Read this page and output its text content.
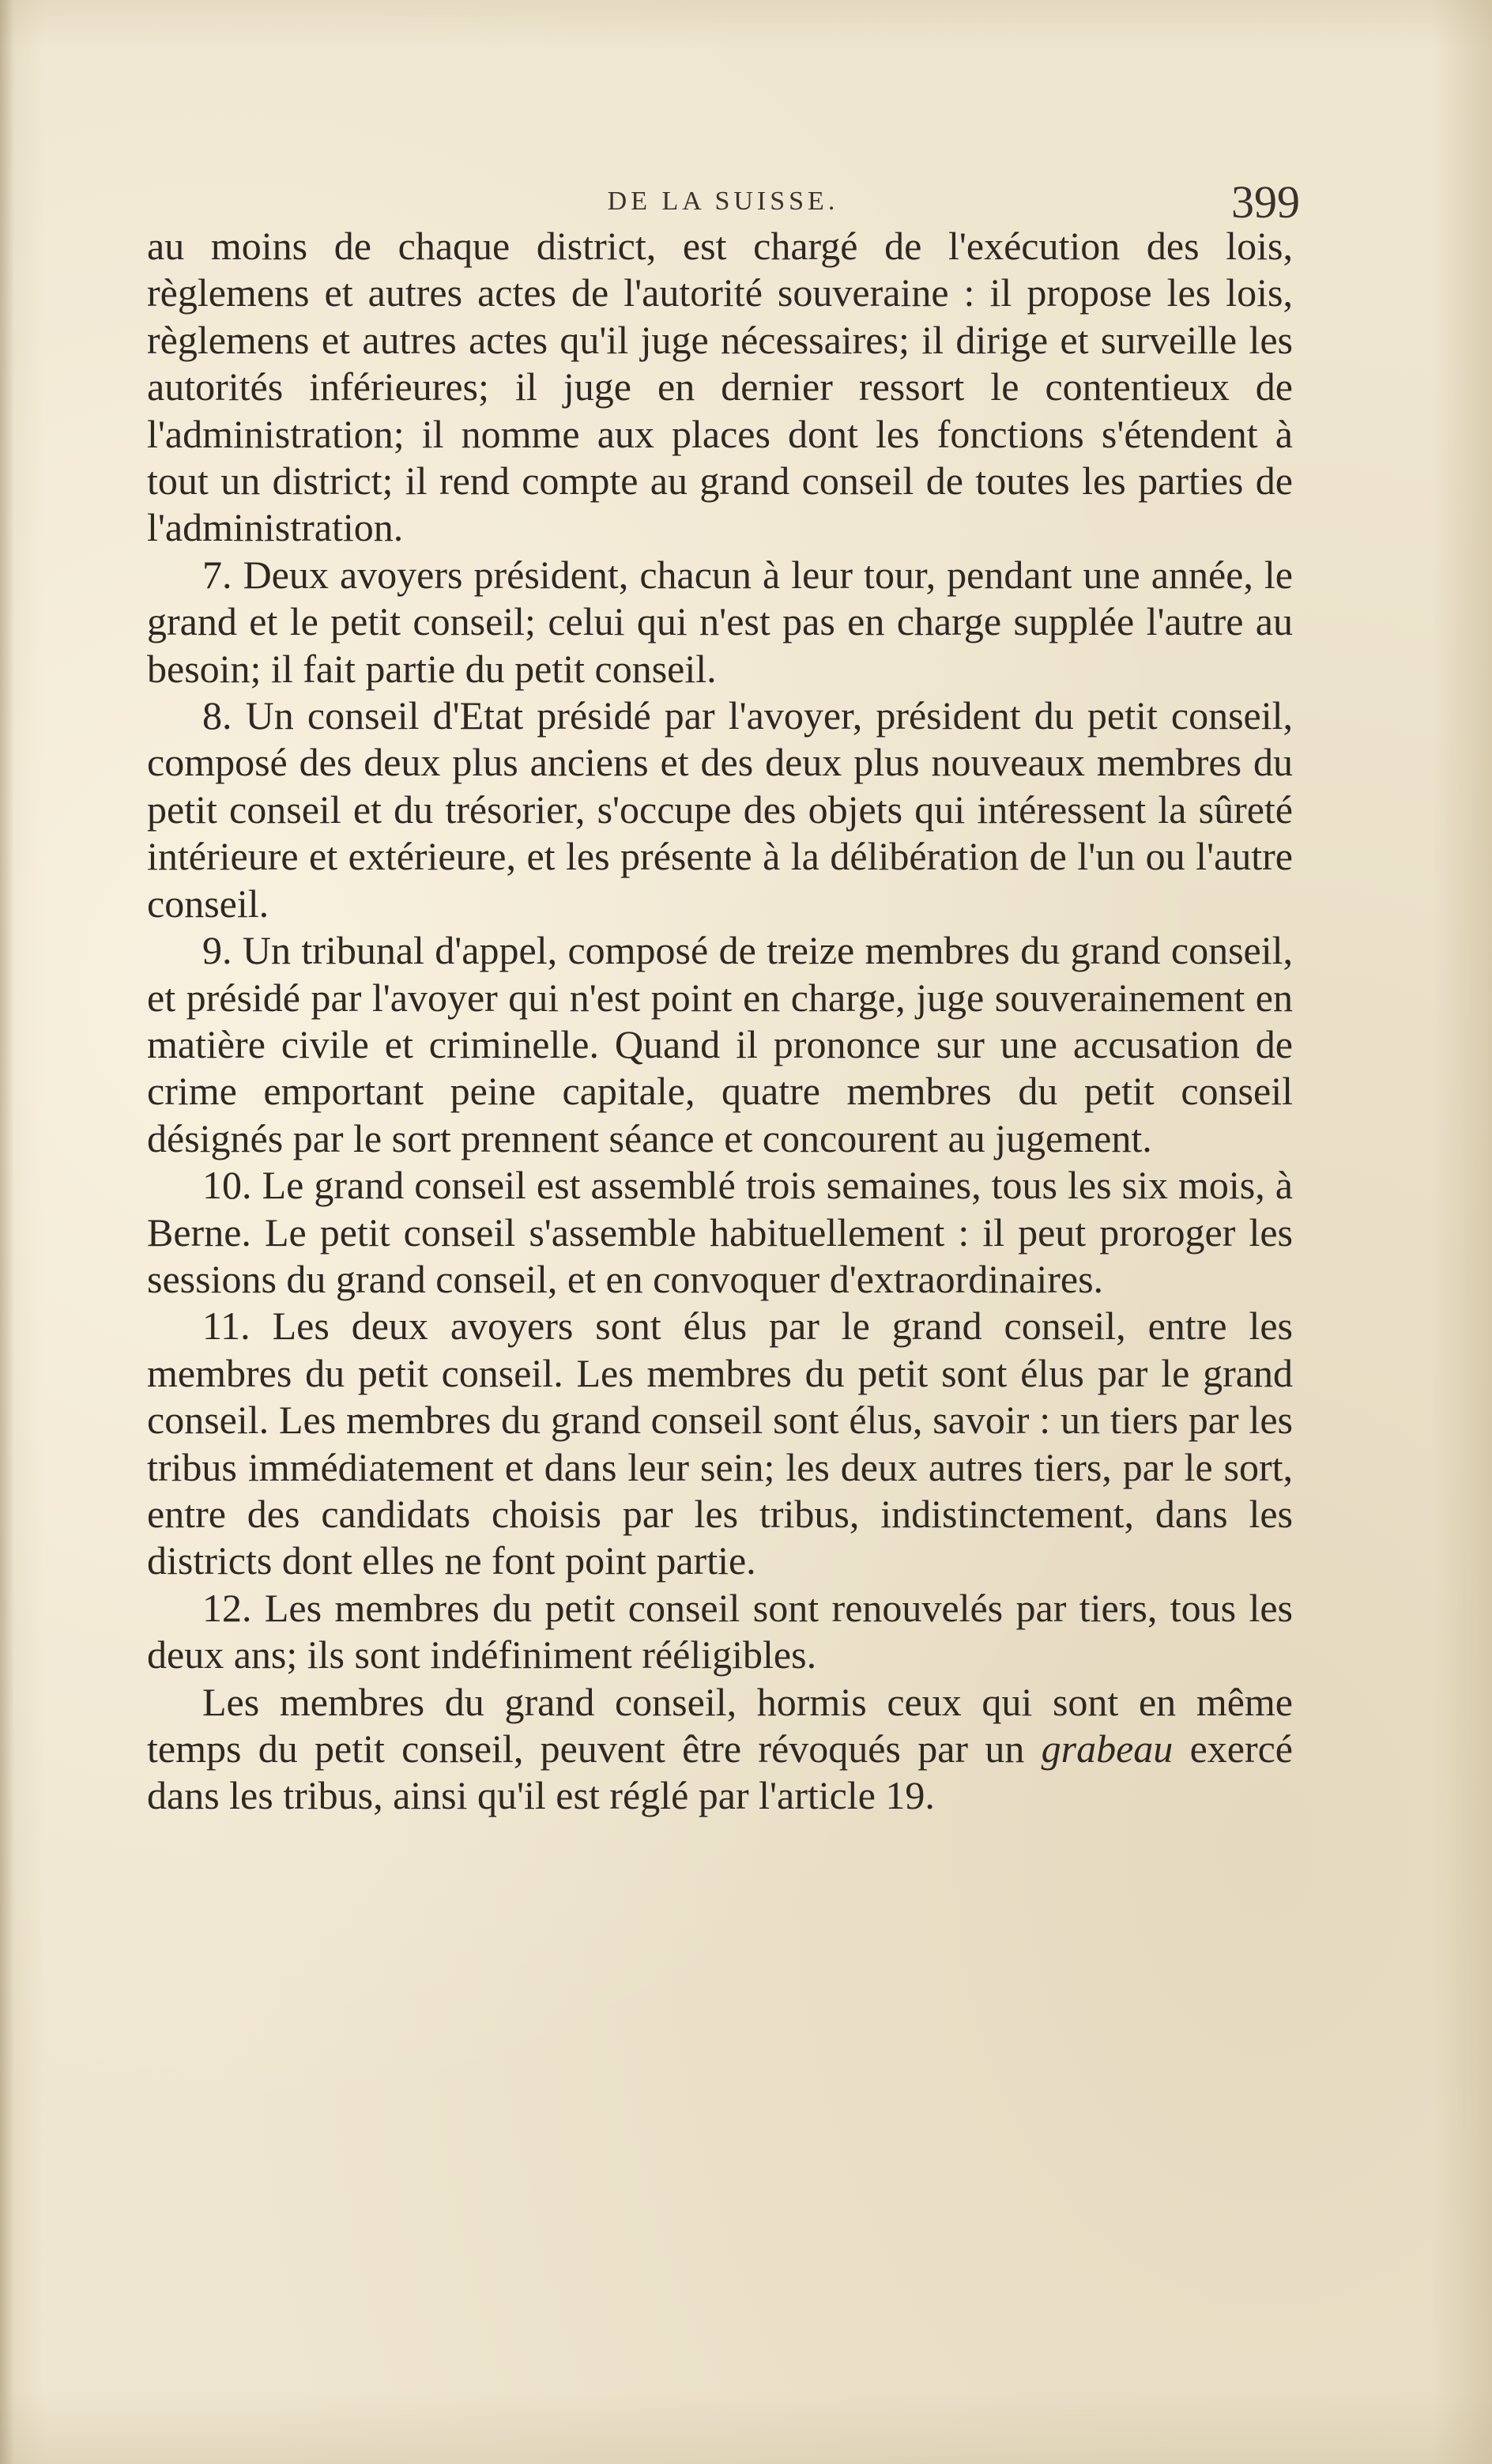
DE LA SUISSE.	399

au moins de chaque district, est chargé de l'exécution des lois, règlemens et autres actes de l'autorité souveraine : il propose les lois, règlemens et autres actes qu'il juge nécessaires; il dirige et surveille les autorités inférieures; il juge en dernier ressort le contentieux de l'administration; il nomme aux places dont les fonctions s'étendent à tout un district; il rend compte au grand conseil de toutes les parties de l'administration.

7. Deux avoyers président, chacun à leur tour, pendant une année, le grand et le petit conseil; celui qui n'est pas en charge supplée l'autre au besoin; il fait partie du petit conseil.

8. Un conseil d'Etat présidé par l'avoyer, président du petit conseil, composé des deux plus anciens et des deux plus nouveaux membres du petit conseil et du trésorier, s'occupe des objets qui intéressent la sûreté intérieure et extérieure, et les présente à la délibération de l'un ou l'autre conseil.

9. Un tribunal d'appel, composé de treize membres du grand conseil, et présidé par l'avoyer qui n'est point en charge, juge souverainement en matière civile et criminelle. Quand il prononce sur une accusation de crime emportant peine capitale, quatre membres du petit conseil désignés par le sort prennent séance et concourent au jugement.

10. Le grand conseil est assemblé trois semaines, tous les six mois, à Berne. Le petit conseil s'assemble habituellement : il peut proroger les sessions du grand conseil, et en convoquer d'extraordinaires.

11. Les deux avoyers sont élus par le grand conseil, entre les membres du petit conseil. Les membres du petit sont élus par le grand conseil. Les membres du grand conseil sont élus, savoir : un tiers par les tribus immédiatement et dans leur sein; les deux autres tiers, par le sort, entre des candidats choisis par les tribus, indistinctement, dans les districts dont elles ne font point partie.

12. Les membres du petit conseil sont renouvelés par tiers, tous les deux ans; ils sont indéfiniment rééligibles.

Les membres du grand conseil, hormis ceux qui sont en même temps du petit conseil, peuvent être révoqués par un grabeau exercé dans les tribus, ainsi qu'il est réglé par l'article 19.
